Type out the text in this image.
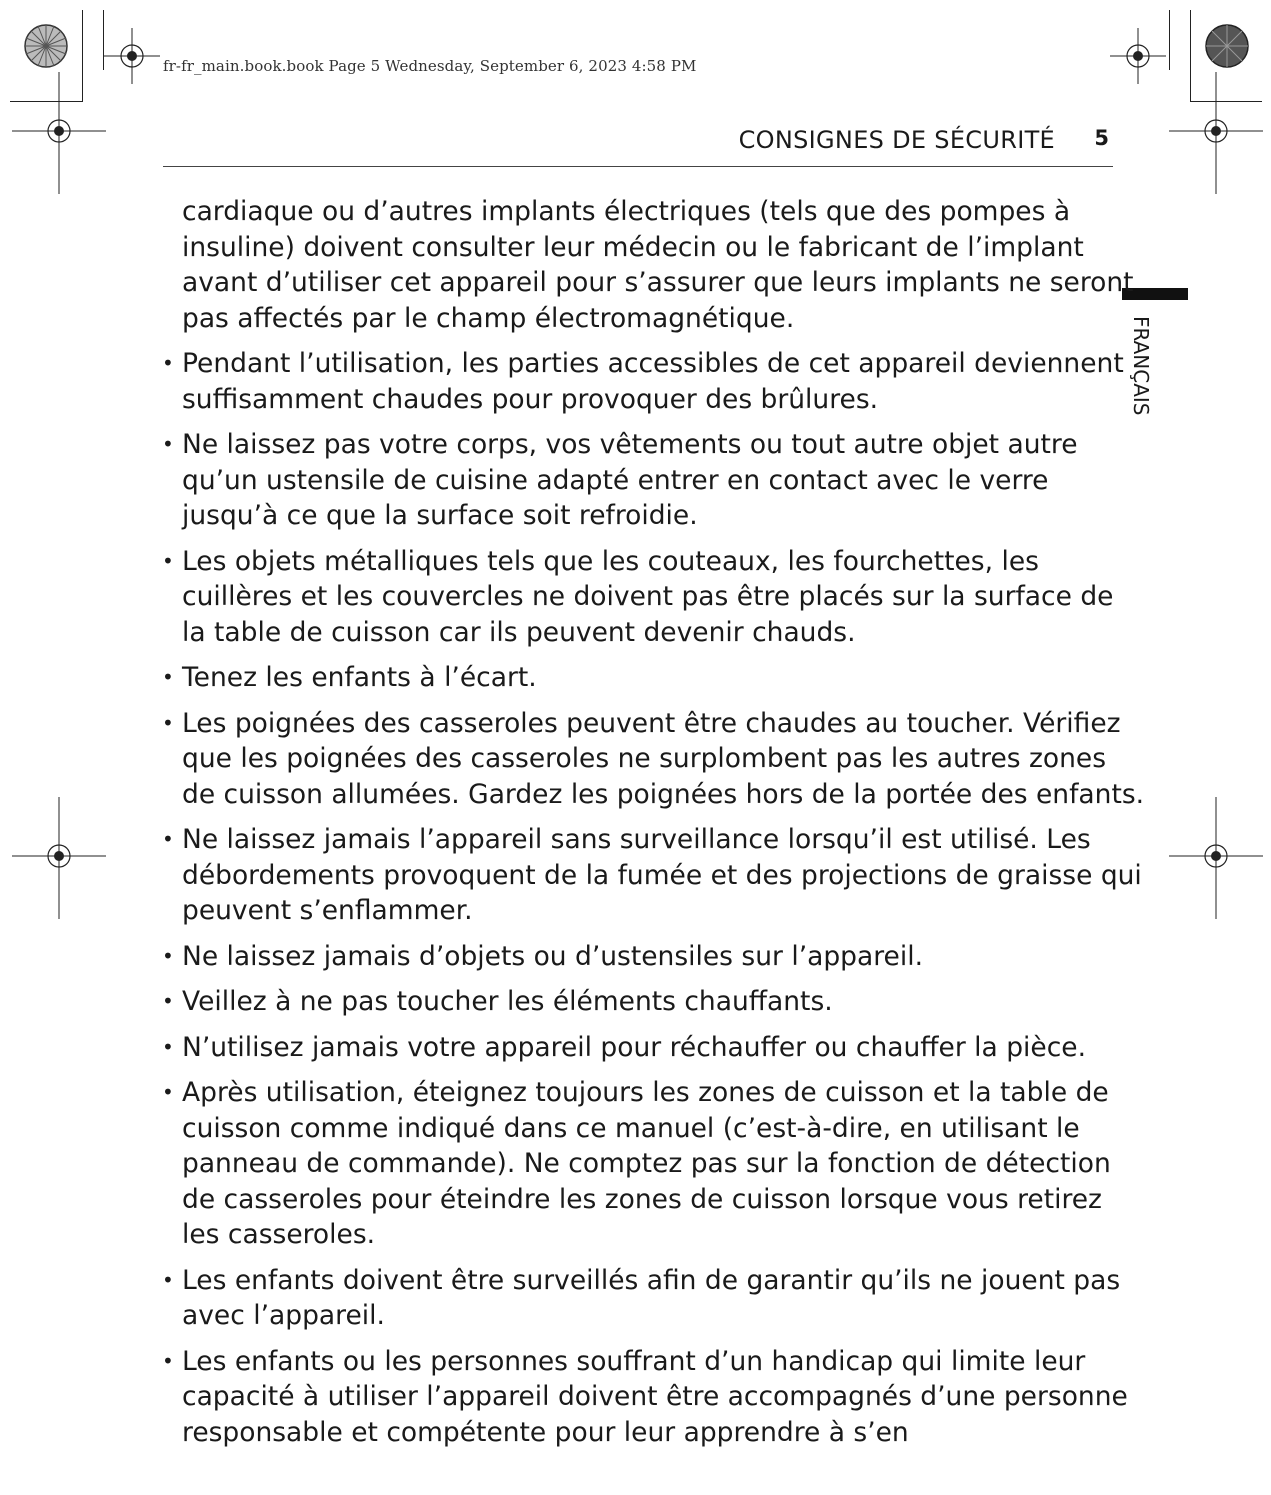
fr-fr_main.book.book Page 5 Wednesday, September 6, 2023 4:58 PM
CONSIGNES DE SÉCURITÉ 5
FRANÇAIS

cardiaque ou d’autres implants électriques (tels que des pompes à insuline) doivent consulter leur médecin ou le fabricant de l’implant avant d’utiliser cet appareil pour s’assurer que leurs implants ne seront pas affectés par le champ électromagnétique.

• Pendant l’utilisation, les parties accessibles de cet appareil deviennent suffisamment chaudes pour provoquer des brûlures.
• Ne laissez pas votre corps, vos vêtements ou tout autre objet autre qu’un ustensile de cuisine adapté entrer en contact avec le verre jusqu’à ce que la surface soit refroidie.
• Les objets métalliques tels que les couteaux, les fourchettes, les cuillères et les couvercles ne doivent pas être placés sur la surface de la table de cuisson car ils peuvent devenir chauds.
• Tenez les enfants à l’écart.
• Les poignées des casseroles peuvent être chaudes au toucher. Vérifiez que les poignées des casseroles ne surplombent pas les autres zones de cuisson allumées. Gardez les poignées hors de la portée des enfants.
• Ne laissez jamais l’appareil sans surveillance lorsqu’il est utilisé. Les débordements provoquent de la fumée et des projections de graisse qui peuvent s’enflammer.
• Ne laissez jamais d’objets ou d’ustensiles sur l’appareil.
• Veillez à ne pas toucher les éléments chauffants.
• N’utilisez jamais votre appareil pour réchauffer ou chauffer la pièce.
• Après utilisation, éteignez toujours les zones de cuisson et la table de cuisson comme indiqué dans ce manuel (c’est-à-dire, en utilisant le panneau de commande). Ne comptez pas sur la fonction de détection de casseroles pour éteindre les zones de cuisson lorsque vous retirez les casseroles.
• Les enfants doivent être surveillés afin de garantir qu’ils ne jouent pas avec l’appareil.
• Les enfants ou les personnes souffrant d’un handicap qui limite leur capacité à utiliser l’appareil doivent être accompagnés d’une personne responsable et compétente pour leur apprendre à s’en
